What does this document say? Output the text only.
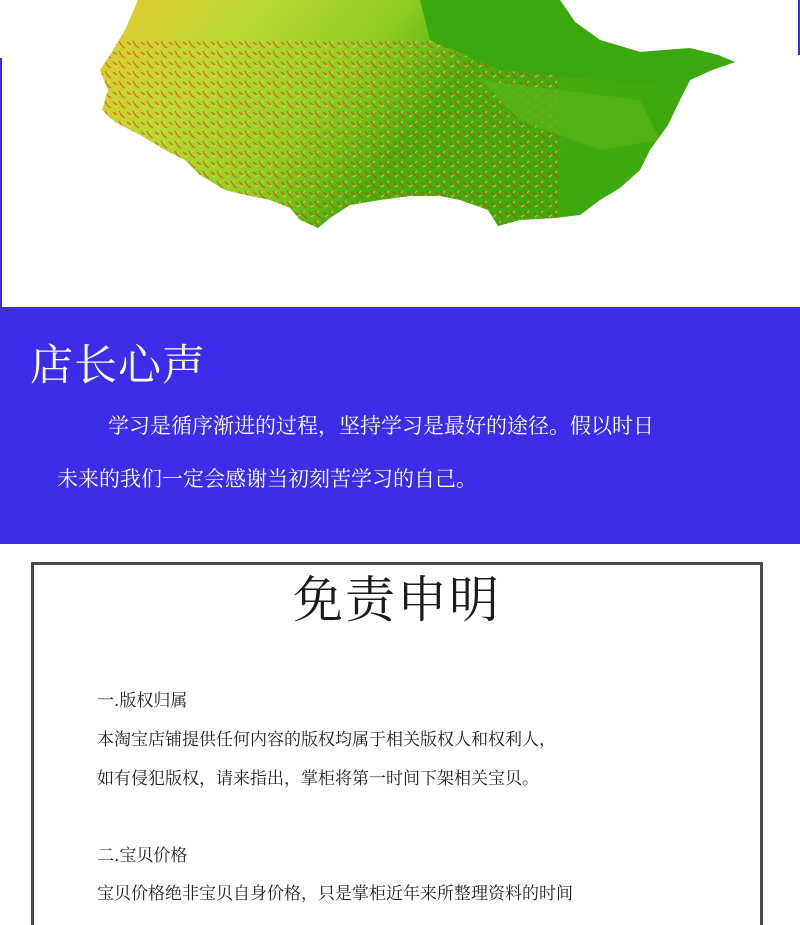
店长心声
学习是循序渐进的过程，坚持学习是最好的途径。假以时日
未来的我们一定会感谢当初刻苦学习的自己。
免责申明
一.版权归属
本淘宝店铺提供任何内容的版权均属于相关版权人和权利人，
如有侵犯版权，请来指出，掌柜将第一时间下架相关宝贝。
二.宝贝价格
宝贝价格绝非宝贝自身价格，只是掌柜近年来所整理资料的时间
